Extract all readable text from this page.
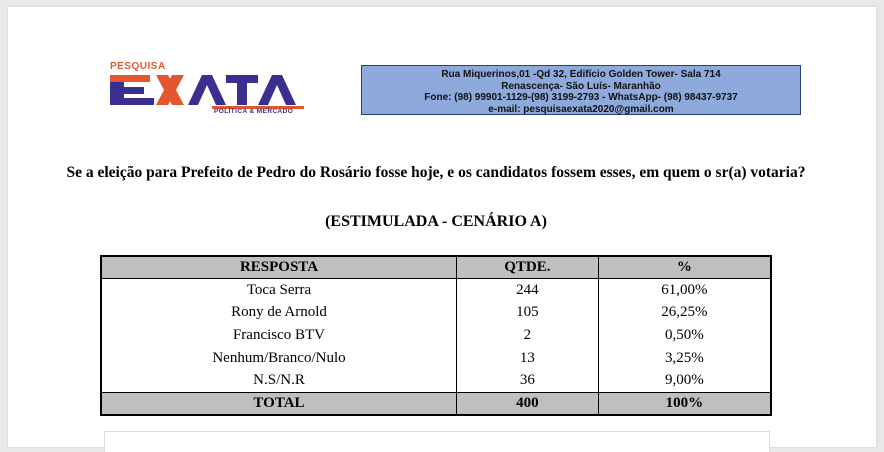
PESQUISA
POLÍTICA & MERCADO
Rua Miquerinos,01 -Qd 32, Edifício Golden Tower- Sala 714
Renascença- São Luís- Maranhão
Fone: (98) 99901-1129-(98) 3199-2793 - WhatsApp- (98) 98437-9737
e-mail: pesquisaexata2020@gmail.com
Se a eleição para Prefeito de Pedro do Rosário fosse hoje, e os candidatos fossem esses, em quem o sr(a) votaria?
(ESTIMULADA - CENÁRIO A)
RESPOSTA	QTDE.	%
Toca Serra	244	61,00%
Rony de Arnold	105	26,25%
Francisco BTV	2	0,50%
Nenhum/Branco/Nulo	13	3,25%
N.S/N.R	36	9,00%
TOTAL	400	100%
